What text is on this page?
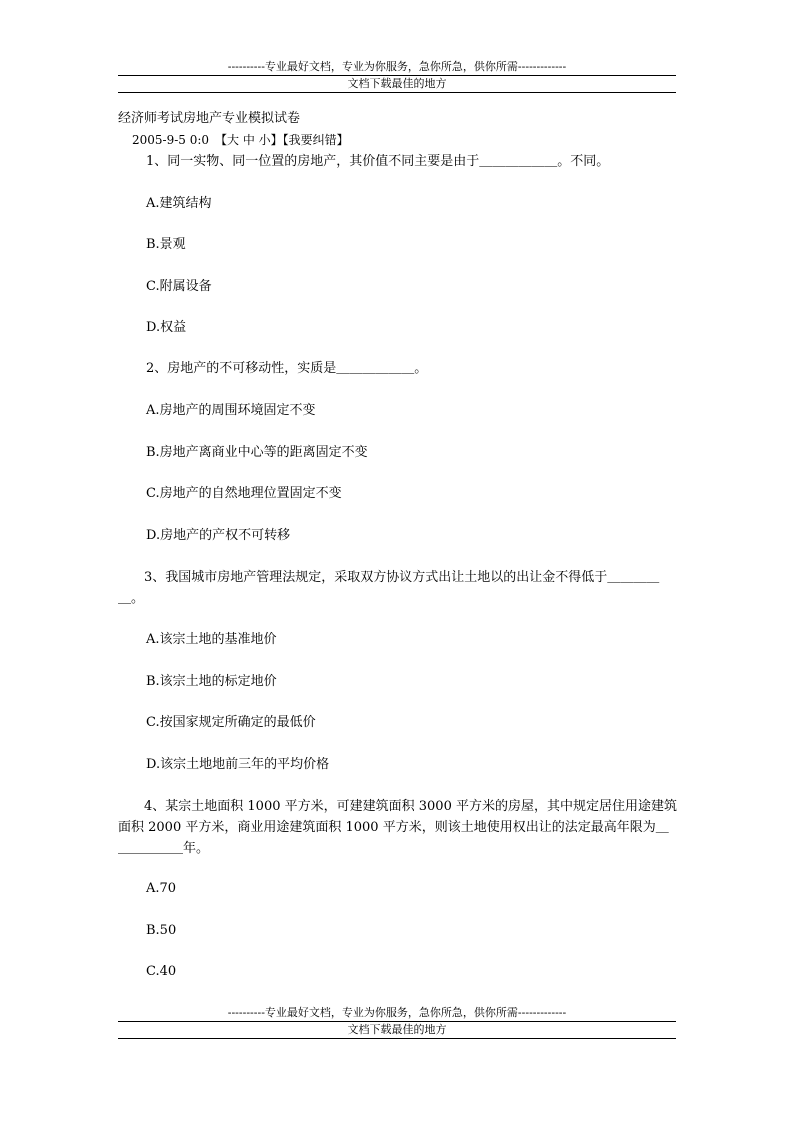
----------专业最好文档，专业为你服务，急你所急，供你所需-------------
文档下载最佳的地方
经济师考试房地产专业模拟试卷
2005-9-5 0:0　【大 中 小】【我要纠错】
1、同一实物、同一位置的房地产，其价值不同主要是由于＿＿＿＿＿＿。不同。
A.建筑结构
B.景观
C.附属设备
D.权益
2、房地产的不可移动性，实质是＿＿＿＿＿＿。
A.房地产的周围环境固定不变
B.房地产离商业中心等的距离固定不变
C.房地产的自然地理位置固定不变
D.房地产的产权不可转移
3、我国城市房地产管理法规定，采取双方协议方式出让土地以的出让金不得低于＿＿＿＿＿。
A.该宗土地的基准地价
B.该宗土地的标定地价
C.按国家规定所确定的最低价
D.该宗土地地前三年的平均价格
4、某宗土地面积 1000 平方米，可建建筑面积 3000 平方米的房屋，其中规定居住用途建筑面积 2000 平方米，商业用途建筑面积 1000 平方米，则该土地使用权出让的法定最高年限为＿＿＿＿＿＿年。
A.70
B.50
C.40
----------专业最好文档，专业为你服务，急你所急，供你所需-------------
文档下载最佳的地方
